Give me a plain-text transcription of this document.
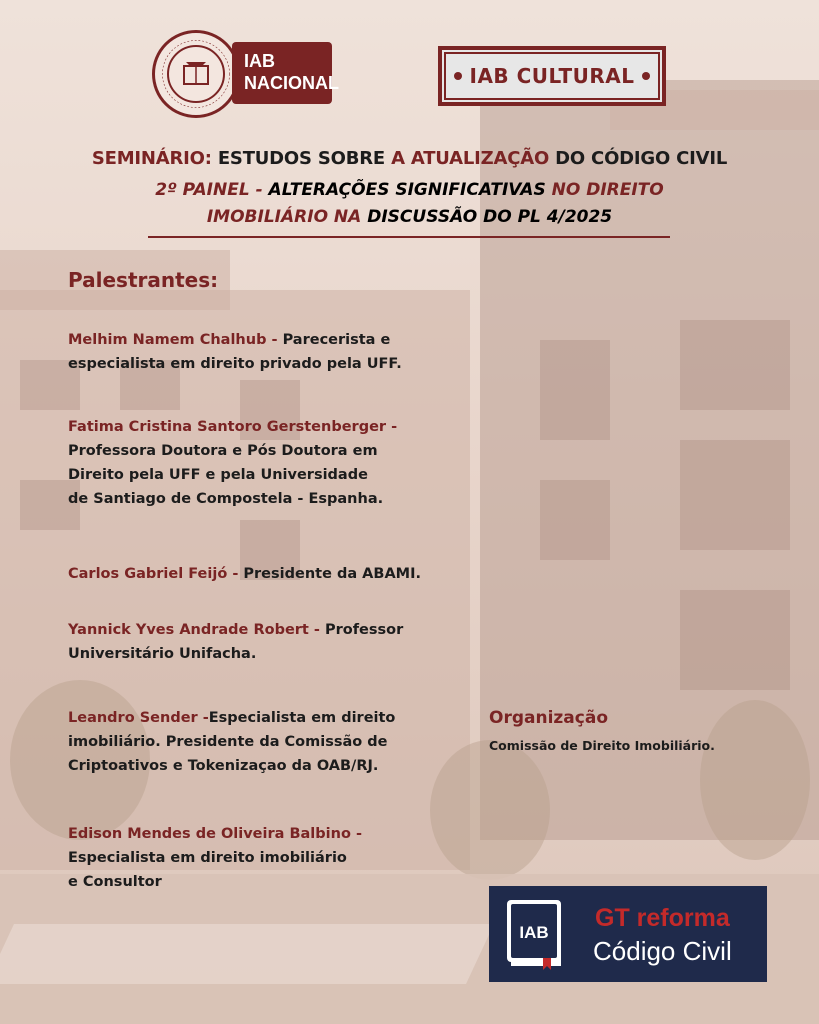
IAB
NACIONAL	IAB CULTURAL
SEMINÁRIO: ESTUDOS SOBRE A ATUALIZAÇÃO DO CÓDIGO CIVIL
2º PAINEL - ALTERAÇÕES SIGNIFICATIVAS NO DIREITO
IMOBILIÁRIO NA DISCUSSÃO DO PL 4/2025
Palestrantes:
Melhim Namem Chalhub - Parecerista e
especialista em direito privado pela UFF.
Fatima Cristina Santoro Gerstenberger -
Professora Doutora e Pós Doutora em
Direito pela UFF e pela Universidade
de Santiago de Compostela - Espanha.
Carlos Gabriel Feijó - Presidente da ABAMI.
Yannick Yves Andrade Robert - Professor
Universitário Unifacha.
Leandro Sender -Especialista em direito
imobiliário. Presidente da Comissão de
Criptoativos e Tokenizaçao da OAB/RJ.
Edison Mendes de Oliveira Balbino -
Especialista em direito imobiliário
e Consultor
Organização
Comissão de Direito Imobiliário.
IAB
GT reforma
Código Civil
